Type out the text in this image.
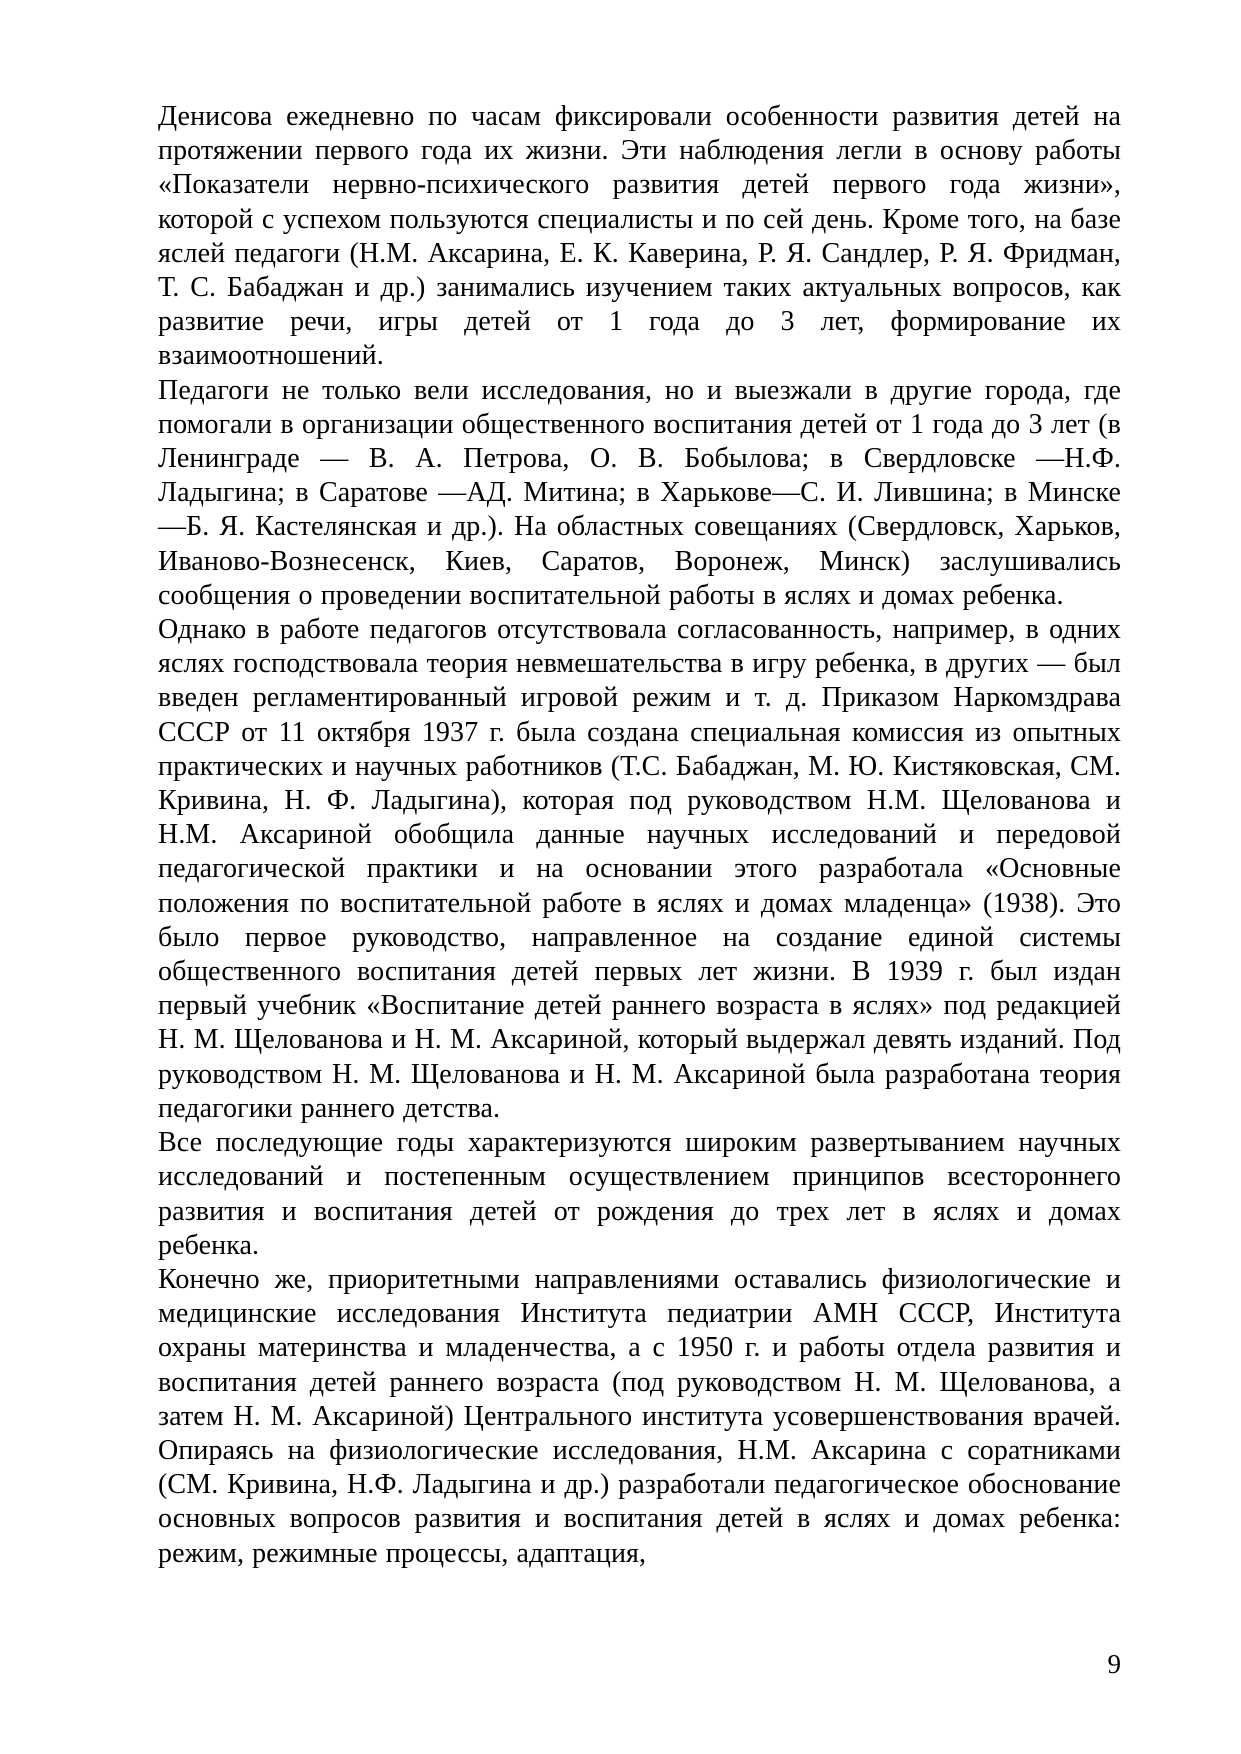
Денисова ежедневно по часам фиксировали особенности развития детей на протяжении первого года их жизни. Эти наблюдения легли в основу работы «Показатели нервно-психического развития детей первого года жизни», которой с успехом пользуются специалисты и по сей день. Кроме того, на базе яслей педагоги (Н.М. Аксарина, Е. К. Каверина, Р. Я. Сандлер, Р. Я. Фридман, Т. С. Бабаджан и др.) занимались изучением таких актуальных вопросов, как развитие речи, игры детей от 1 года до 3 лет, формирование их взаимоотношений.

Педагоги не только вели исследования, но и выезжали в другие города, где помогали в организации общественного воспитания детей от 1 года до 3 лет (в Ленинграде — В. А. Петрова, О. В. Бобылова; в Свердловске —Н.Ф. Ладыгина; в Саратове —АД. Митина; в Харькове—С. И. Лившина; в Минске —Б. Я. Кастелянская и др.). На областных совещаниях (Свердловск, Харьков, Иваново-Вознесенск, Киев, Саратов, Воронеж, Минск) заслушивались сообщения о проведении воспитательной работы в яслях и домах ребенка.

Однако в работе педагогов отсутствовала согласованность, например, в одних яслях господствовала теория невмешательства в игру ребенка, в других — был введен регламентированный игровой режим и т. д. Приказом Наркомздрава СССР от 11 октября 1937 г. была создана специальная комиссия из опытных практических и научных работников (Т.С. Бабаджан, М. Ю. Кистяковская, СМ. Кривина, Н. Ф. Ладыгина), которая под руководством Н.М. Щелованова и Н.М. Аксариной обобщила данные научных исследований и передовой педагогической практики и на основании этого разработала «Основные положения по воспитательной работе в яслях и домах младенца» (1938). Это было первое руководство, направленное на создание единой системы общественного воспитания детей первых лет жизни. В 1939 г. был издан первый учебник «Воспитание детей раннего возраста в яслях» под редакцией Н. М. Щелованова и Н. М. Аксариной, который выдержал девять изданий. Под руководством Н. М. Щелованова и Н. М. Аксариной была разработана теория педагогики раннего детства.

Все последующие годы характеризуются широким развертыванием научных исследований и постепенным осуществлением принципов всестороннего развития и воспитания детей от рождения до трех лет в яслях и домах ребенка.

Конечно же, приоритетными направлениями оставались физиологические и медицинские исследования Института педиатрии АМН СССР, Института охраны материнства и младенчества, а с 1950 г. и работы отдела развития и воспитания детей раннего возраста (под руководством Н. М. Щелованова, а затем Н. М. Аксариной) Центрального института усовершенствования врачей. Опираясь на физиологические исследования, Н.М. Аксарина с соратниками (СМ. Кривина, Н.Ф. Ладыгина и др.) разработали педагогическое обоснование основных вопросов развития и воспитания детей в яслях и домах ребенка: режим, режимные процессы, адаптация,

9
